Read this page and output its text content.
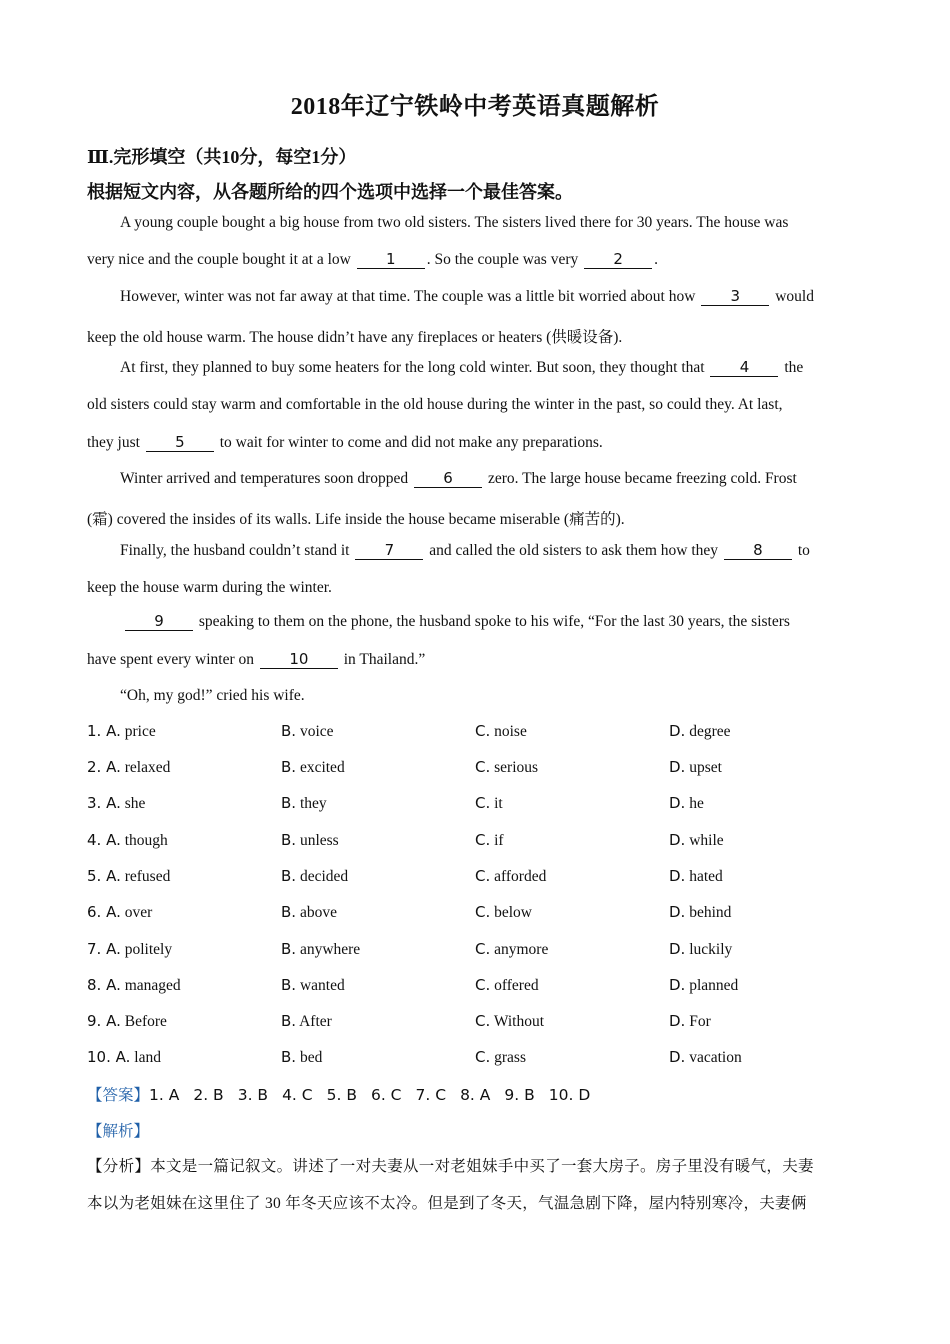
2018年辽宁铁岭中考英语真题解析
Ⅲ.完形填空（共10分，每空1分）
根据短文内容，从各题所给的四个选项中选择一个最佳答案。
A young couple bought a big house from two old sisters. The sisters lived there for 30 years. The house was
very nice and the couple bought it at a low 1 . So the couple was very 2 .
However, winter was not far away at that time. The couple was a little bit worried about how 3 would
keep the old house warm. The house didn’t have any fireplaces or heaters (供暖设备).
At first, they planned to buy some heaters for the long cold winter. But soon, they thought that 4 the
old sisters could stay warm and comfortable in the old house during the winter in the past, so could they. At last,
they just 5 to wait for winter to come and did not make any preparations.
Winter arrived and temperatures soon dropped 6 zero. The large house became freezing cold. Frost
(霜) covered the insides of its walls. Life inside the house became miserable (痛苦的).
Finally, the husband couldn’t stand it 7 and called the old sisters to ask them how they 8 to
keep the house warm during the winter.
9 speaking to them on the phone, the husband spoke to his wife, “For the last 30 years, the sisters
have spent every winter on 10 in Thailand.”
“Oh, my god!” cried his wife.
1. A. price	B. voice	C. noise	D. degree
2. A. relaxed	B. excited	C. serious	D. upset
3. A. she	B. they	C. it	D. he
4. A. though	B. unless	C. if	D. while
5. A. refused	B. decided	C. afforded	D. hated
6. A. over	B. above	C. below	D. behind
7. A. politely	B. anywhere	C. anymore	D. luckily
8. A. managed	B. wanted	C. offered	D. planned
9. A. Before	B. After	C. Without	D. For
10. A. land	B. bed	C. grass	D. vacation
【答案】1. A 2. B 3. B 4. C 5. B 6. C 7. C 8. A 9. B 10. D
【解析】
【分析】本文是一篇记叙文。讲述了一对夫妻从一对老姐妹手中买了一套大房子。房子里没有暖气，夫妻
本以为老姐妹在这里住了 30 年冬天应该不太冷。但是到了冬天，气温急剧下降，屋内特别寒冷，夫妻俩
